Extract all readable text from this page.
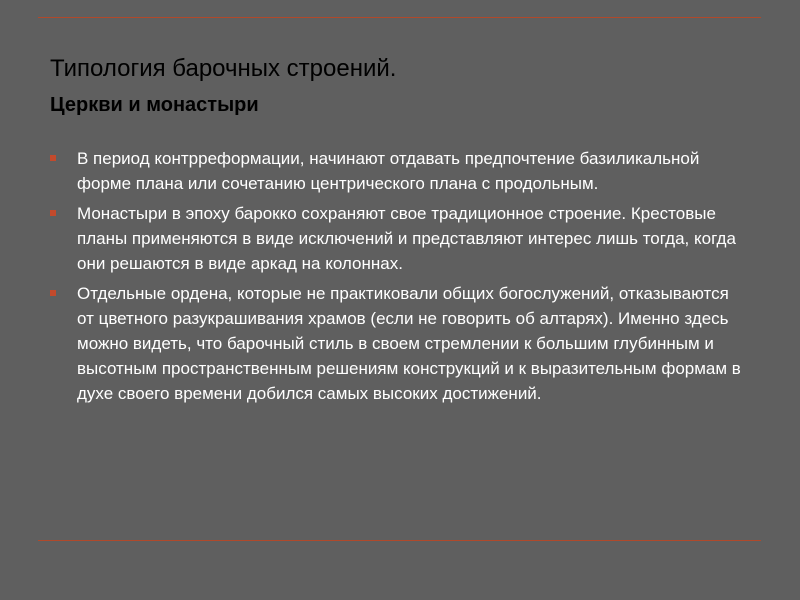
Типология барочных строений.

Церкви и монастыри

В период контрреформации, начинают отдавать предпочтение базиликальной форме плана или сочетанию центрического плана с продольным.
Монастыри в эпоху барокко сохраняют свое традиционное строение. Крестовые планы применяются в виде исключений и представляют интерес лишь тогда, когда они решаются в виде аркад на колоннах.
Отдельные ордена, которые не практиковали общих богослужений, отказываются от цветного разукрашивания храмов (если не говорить об алтарях). Именно здесь можно видеть, что барочный стиль в своем стремлении к большим глубинным и высотным пространственным решениям конструкций и к выразительным формам в духе своего времени добился самых высоких достижений.
